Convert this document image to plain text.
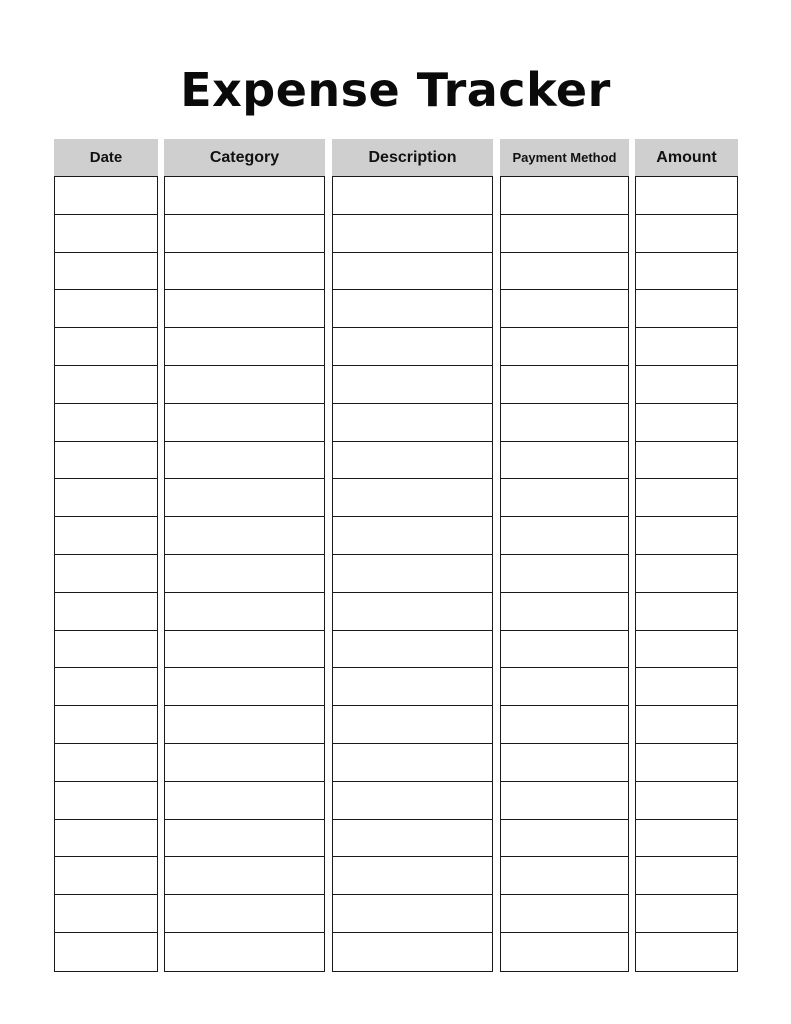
Expense Tracker
Date	Category	Description	Payment Method	Amount
